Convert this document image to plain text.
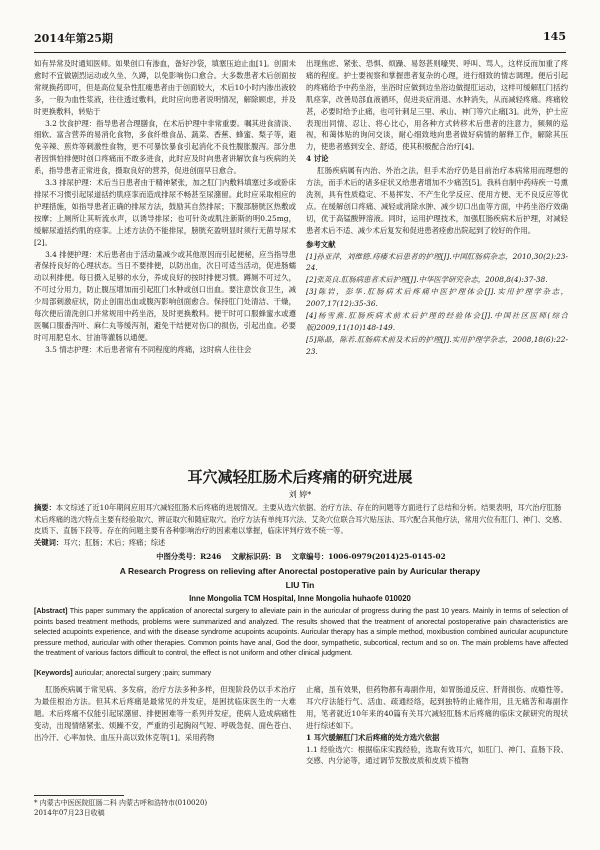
2014年第25期	145

如有异常及时通知医师。如果创口有渗血，备好沙袋，填塞压迫止血[1]。创面未愈时不宜做剧烈运动或久坐、久蹲，以免影响伤口愈合。大多数患者术后创面按常规换药即可，但是高位复杂性肛瘘患者由于创面较大，术后10小时内渗出液较多，一般为血性浆液，往往透过敷料，此时应向患者说明情况，解除顾虑，并及时更换敷料，转贴于

3.2 饮食护理：指导患者合理膳食，在术后护理中非常重要。嘱其进食清淡、细软、富含营养的易消化食物，多食纤维食品、蔬菜、香蕉、蜂蜜、梨子等，避免辛辣、煎炸等刺激性食物，更不可暴饮暴食引起消化不良性腹胀腹泻。部分患者因惧怕排便时创口疼痛而不敢多进食，此时应及时向患者讲解饮食与疾病的关系，指导患者正常进食，摄取良好的营养，促进创面早日愈合。

3.3 排尿护理：术后当日患者由于精神紧张，加之肛门内敷料填塞过多或卧床排尿不习惯引起尿道括约肌痉挛而造成排尿不畅甚至尿潴留。此时应采取相应的护理措施，如指导患者正确的排尿方法，鼓励其自然排尿；下腹部膀胱区热敷或按摩；上厕所让其听流水声，以诱导排尿；也可针灸或肌注新斯的明0.25mg，缓解尿道括约肌的痉挛。上述方法仍不能排尿，膀胱充盈明显时须行无菌导尿术[2]。

3.4 排便护理：术后患者由于活动量减少或其他原因而引起便秘，应当指导患者保持良好的心理状态。当日不要排便，以防出血，次日可适当活动，促进肠蠕动以利排便。每日摄入足够的水分，养成良好的按时排便习惯。蹲厕不可过久，不可过分用力，防止腹压增加而引起肛门水肿或创口出血。要注意饮食卫生，减少局部刺激症状，防止创面出血或腹泻影响创面愈合。保持肛门处清洁、干燥，每次便后清洗创口并常规用中药坐浴，及时更换敷料。便干时可口服蜂蜜水或遵医嘱口服番泻叶、麻仁丸等缓泻剂，避免干结便对伤口的损伤，引起出血。必要时可用肥皂水、甘油等灌肠以通便。

3.5 情志护理：术后患者常有不同程度的疼痛，这时病人往往会

出现焦虑、紧张、恐惧、烦躁、易怒甚则嚎哭、呼叫、骂人，这样反而加重了疼痛的程度。护士要视察和掌握患者复杂的心理，进行细致的情志调理。便后引起的疼痛给予中药坐浴，坐浴时应做到边坐浴边做提肛运动，这样可缓解肛门括约肌痉挛，改善局部血液循环，促进炎症消退、水肿消失，从而减轻疼痛。疼痛较甚，必要时给予止痛，也可针刺足三里、承山、神门等穴止痛[3]。此外，护士应表现出同情、忍让、将心比心，用各种方式转移术后患者的注意力，频频的巡视，和蔼体贴的询问交谈，耐心细致地向患者做好病情的解释工作，解除其压力，使患者感到安全、舒适，使其积极配合治疗[4]。

4 讨论

肛肠疾病属有内治、外治之法，但手术治疗仍是目前治疗本病常用而理想的方法，而手术后的诸多症状又给患者增加不少痛苦[5]。我科自制中药痔疾一号熏洗剂，具有性质稳定、不易挥发、不产生化学反应、使用方便、无不良反应等优点。在缓解创口疼痛、减轻或消除水肿、减少切口出血等方面，中药坐浴疗效确切，优于高锰酸钾溶液。同时，运用护理技术，加强肛肠疾病术后护理，对减轻患者术后不适、减少术后复发和促进患者痊愈出院起到了较好的作用。

参考文献

[1]孙亚萍，刘维德.痔瘘术后患者的护理[J].中国肛肠病杂志，2010,30(2):23-24.

[2]张英良.肛肠病患者术后护理[J].中华医学研究杂志，2008,8(4):37-38.

[3]陈岩，彭华.肛肠病术后疼痛中医护理体会[J].实用护理学杂志，2007,17(12):35-36.

[4]杨雪燕.肛肠疾病术前术后护理的经验体会[J].中国社区医师(综合版)2009,11(10)148-149.

[5]陈晶，陈若.肛肠病术前及术后的护理[J].实用护理学杂志，2008,18(6):22-23.

耳穴减轻肛肠术后疼痛的研究进展
刘 婷*
摘要：本文综述了近10年期间应用耳穴减轻肛肠术后疼痛的进展情况。主要从选穴依据、治疗方法、存在的问题等方面进行了总结和分析。结果表明，耳穴治疗肛肠术后疼痛的选穴特点主要有经验取穴、辨证取穴和随症取穴。治疗方法有单纯耳穴法、艾灸穴位联合耳穴贴压法、耳穴配合其他疗法，常用穴位有肛门、神门、交感、皮质下、直肠下段等。存在的问题主要有各种影响治疗的因素难以掌握，临床评判疗效不统一等。
关键词：耳穴；肛肠；术后；疼痛；综述
中图分类号：R246 文献标识码：B 文章编号：1006-0979(2014)25-0145-02
A Research Progress on relieving after Anorectal postoperative pain by Auricular therapy
LIU Tin
Inne Mongolia TCM Hospital, Inne Mongolia huhaofe 010020
[Abstract] This paper summary the application of anorectal surgery to alleviate pain in the auricular of progress during the past 10 years. Mainly in terms of selection of points based treatment methods, problems were summarized and analyzed. The results showed that the treatment of anorectal postoperative pain characteristics are selected acupoints experience, and with the disease syndrome acupoints acupoints. Auricular therapy has a simple method, moxibustion combined auricular acupuncture pressure method, auricular with other therapies. Common points have anal, God the door, sympathetic, subcortical, rectum and so on. The main problems have affected the treatment of various factors difficult to control, the effect is not uniform and other clinical judgment.
[Keywords] auricular; anorectal surgery ;pain; summary

肛肠疾病属于常见病、多发病，治疗方法多种多样，但现阶段仍以手术治疗为最佳根治方法。但其术后疼痛是最常见的并发症，是困扰临床医生的一大难题。术后疼痛不仅能引起尿潴留、排便困难等一系列并发症，使病人造成病痛性变动，出现情绪紧张、烦躁不安，严重的引起胸闷气短、呼吸急促、面色苍白、出冷汗、心率加快、血压升高以致休克等[1]。采用药物

止痛，虽有效果，但药物都有毒副作用，如胃肠道反应、肝肾损伤、成瘾性等。耳穴疗法能行气、活血、疏通经络，起到独特的止痛作用，且无痛苦和毒副作用，笔者就近10年来的40篇有关耳穴减轻肛肠术后疼痛的临床文献研究的现状进行综述如下。

1 耳穴缓解肛门术后疼痛的处方选穴依据

1.1 经验选穴：根据临床实践经验，选取有效耳穴，如肛门、神门、直肠下段、交感、内分泌等，通过调节发散皮质和皮质下植物

* 内蒙古中医医院肛肠二科 内蒙古呼和浩特市(010020)
2014年07月23日收稿
